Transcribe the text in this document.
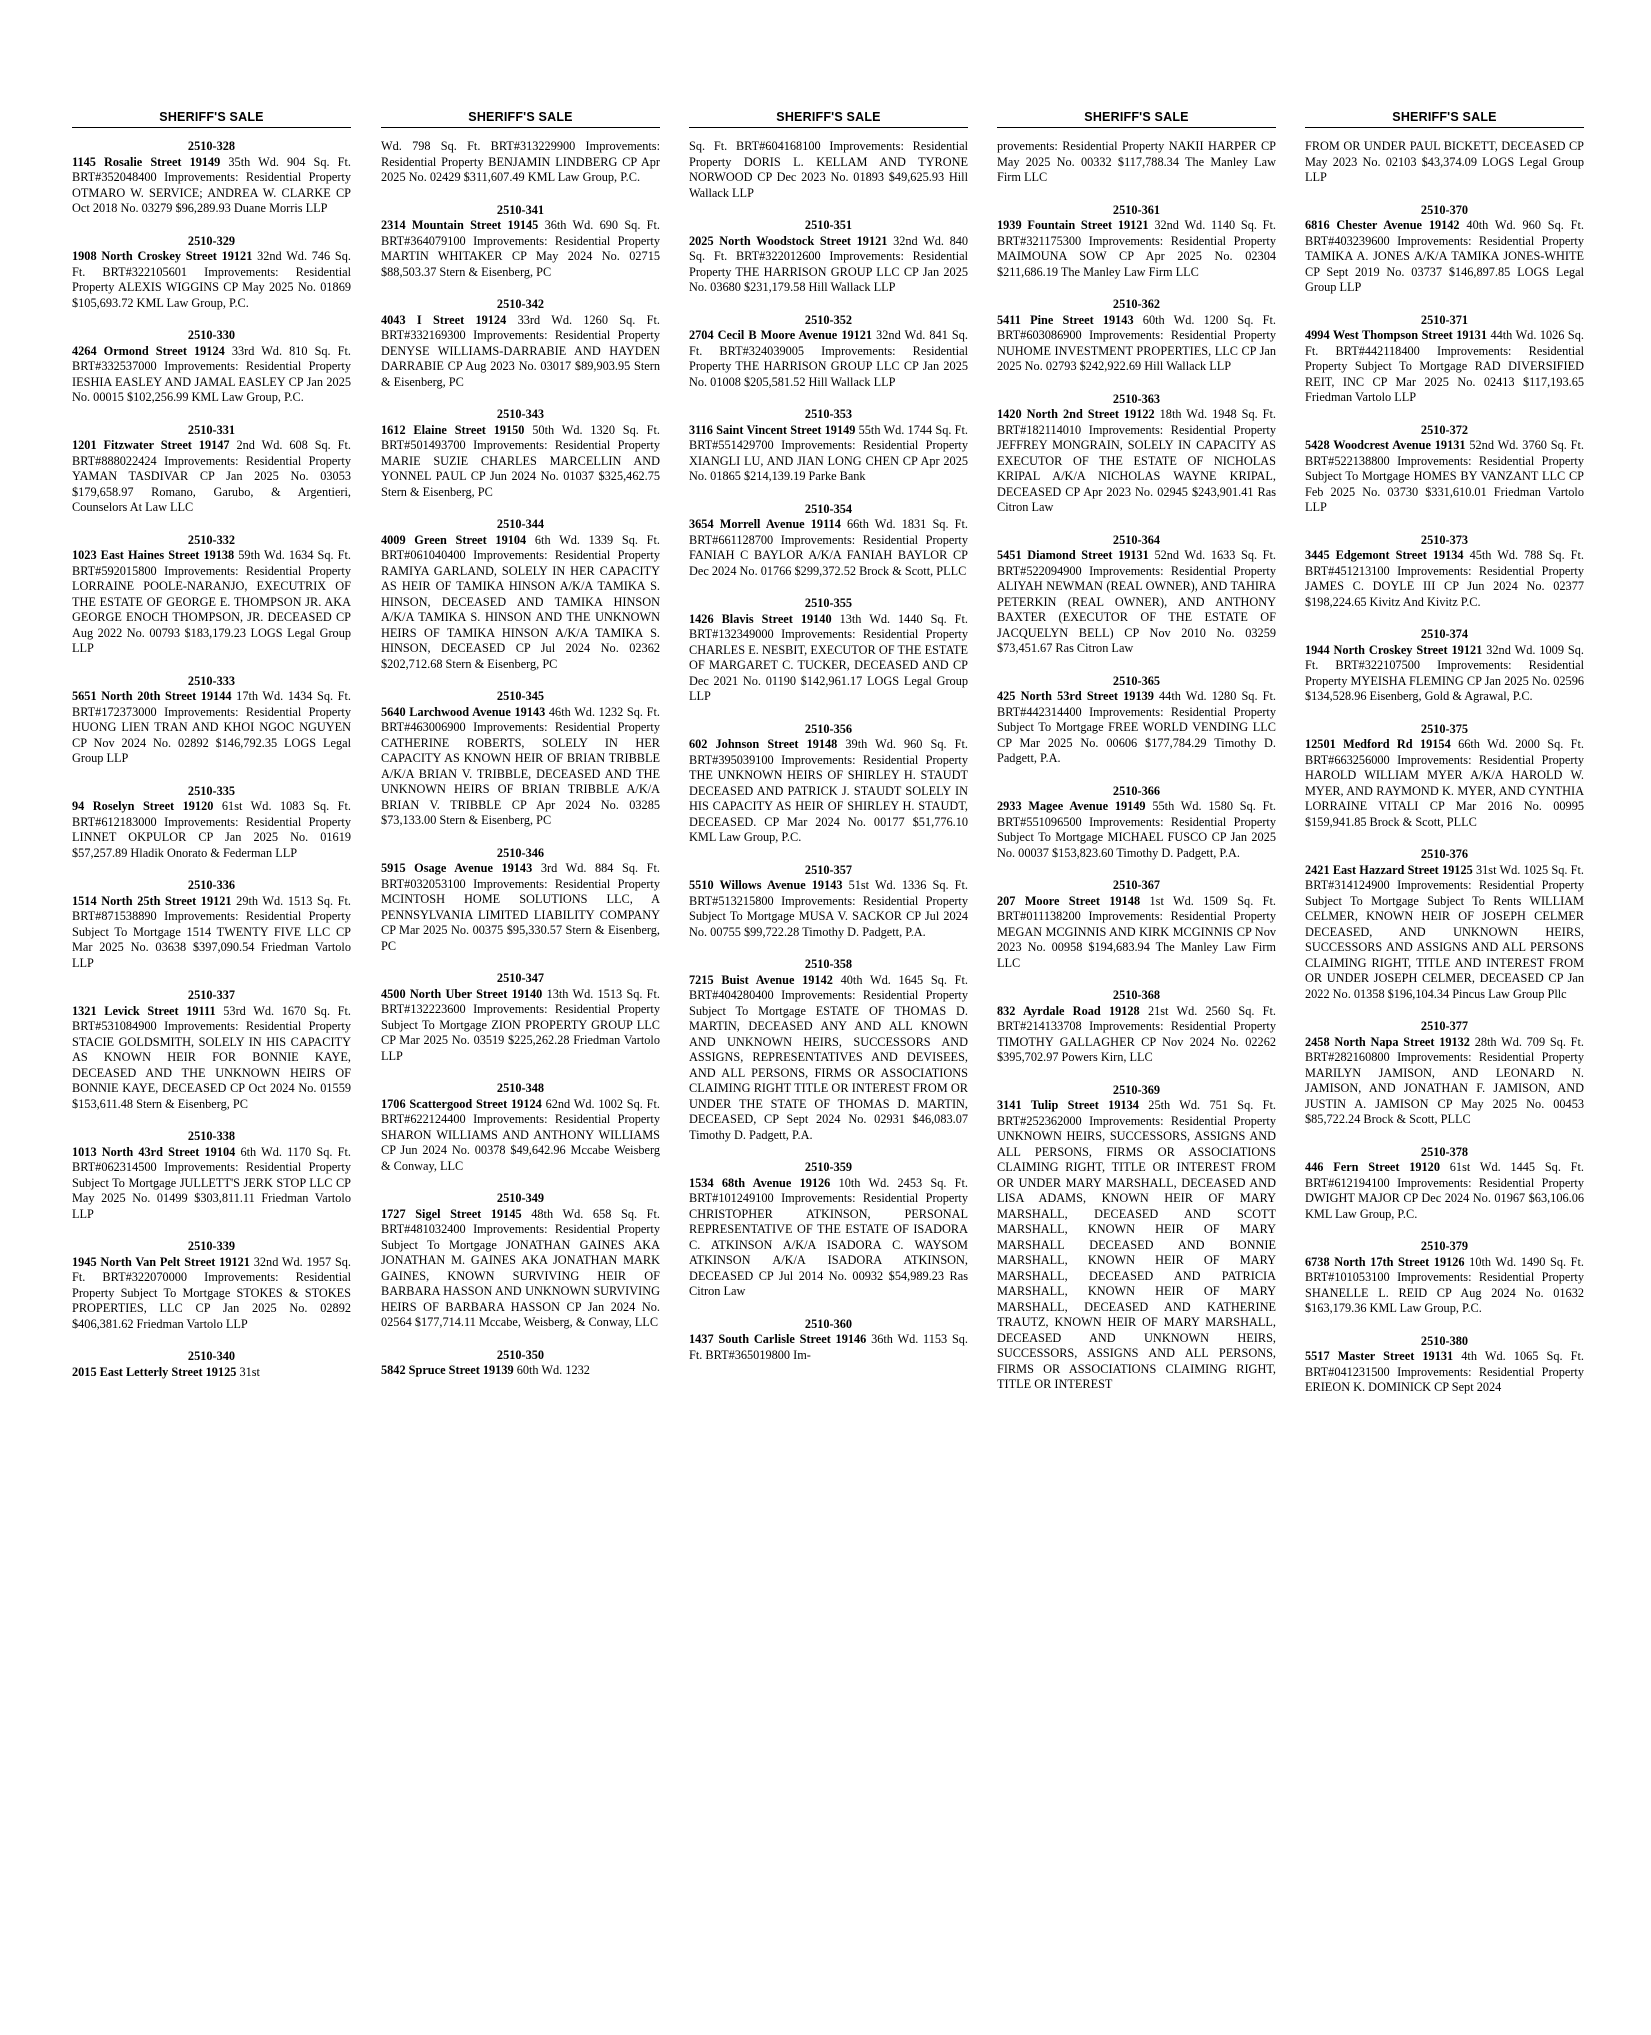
SHERIFF'S SALE
2510-328
1145 Rosalie Street 19149 35th Wd. 904 Sq. Ft. BRT#352048400 Improvements: Residential Property OTMARO W. SERVICE; ANDREA W. CLARKE CP Oct 2018 No. 03279 $96,289.93 Duane Morris LLP
2510-329
1908 North Croskey Street 19121 32nd Wd. 746 Sq. Ft. BRT#322105601 Improvements: Residential Property ALEXIS WIGGINS CP May 2025 No. 01869 $105,693.72 KML Law Group, P.C.
2510-330
4264 Ormond Street 19124 33rd Wd. 810 Sq. Ft. BRT#332537000 Improvements: Residential Property IESHIA EASLEY AND JAMAL EASLEY CP Jan 2025 No. 00015 $102,256.99 KML Law Group, P.C.
2510-331
1201 Fitzwater Street 19147 2nd Wd. 608 Sq. Ft. BRT#888022424 Improvements: Residential Property YAMAN TASDIVAR CP Jan 2025 No. 03053 $179,658.97 Romano, Garubo, & Argentieri, Counselors At Law LLC
2510-332
1023 East Haines Street 19138 59th Wd. 1634 Sq. Ft. BRT#592015800 Improvements: Residential Property LORRAINE POOLE-NARANJO, EXECUTRIX OF THE ESTATE OF GEORGE E. THOMPSON JR. AKA GEORGE ENOCH THOMPSON, JR. DECEASED CP Aug 2022 No. 00793 $183,179.23 LOGS Legal Group LLP
2510-333
5651 North 20th Street 19144 17th Wd. 1434 Sq. Ft. BRT#172373000 Improvements: Residential Property HUONG LIEN TRAN AND KHOI NGOC NGUYEN CP Nov 2024 No. 02892 $146,792.35 LOGS Legal Group LLP
2510-335
94 Roselyn Street 19120 61st Wd. 1083 Sq. Ft. BRT#612183000 Improvements: Residential Property LINNET OKPULOR CP Jan 2025 No. 01619 $57,257.89 Hladik Onorato & Federman LLP
2510-336
1514 North 25th Street 19121 29th Wd. 1513 Sq. Ft. BRT#871538890 Improvements: Residential Property Subject To Mortgage 1514 TWENTY FIVE LLC CP Mar 2025 No. 03638 $397,090.54 Friedman Vartolo LLP
2510-337
1321 Levick Street 19111 53rd Wd. 1670 Sq. Ft. BRT#531084900 Improvements: Residential Property STACIE GOLDSMITH, SOLELY IN HIS CAPACITY AS KNOWN HEIR FOR BONNIE KAYE, DECEASED AND THE UNKNOWN HEIRS OF BONNIE KAYE, DECEASED CP Oct 2024 No. 01559 $153,611.48 Stern & Eisenberg, PC
2510-338
1013 North 43rd Street 19104 6th Wd. 1170 Sq. Ft. BRT#062314500 Improvements: Residential Property Subject To Mortgage JULLETT'S JERK STOP LLC CP May 2025 No. 01499 $303,811.11 Friedman Vartolo LLP
2510-339
1945 North Van Pelt Street 19121 32nd Wd. 1957 Sq. Ft. BRT#322070000 Improvements: Residential Property Subject To Mortgage STOKES & STOKES PROPERTIES, LLC CP Jan 2025 No. 02892 $406,381.62 Friedman Vartolo LLP
2510-340
2015 East Letterly Street 19125 31st
SHERIFF'S SALE
Wd. 798 Sq. Ft. BRT#313229900 Improvements: Residential Property BENJAMIN LINDBERG CP Apr 2025 No. 02429 $311,607.49 KML Law Group, P.C.
2510-341
2314 Mountain Street 19145 36th Wd. 690 Sq. Ft. BRT#364079100 Improvements: Residential Property MARTIN WHITAKER CP May 2024 No. 02715 $88,503.37 Stern & Eisenberg, PC
2510-342
4043 I Street 19124 33rd Wd. 1260 Sq. Ft. BRT#332169300 Improvements: Residential Property DENYSE WILLIAMS-DARRABIE AND HAYDEN DARRABIE CP Aug 2023 No. 03017 $89,903.95 Stern & Eisenberg, PC
2510-343
1612 Elaine Street 19150 50th Wd. 1320 Sq. Ft. BRT#501493700 Improvements: Residential Property MARIE SUZIE CHARLES MARCELLIN AND YONNEL PAUL CP Jun 2024 No. 01037 $325,462.75 Stern & Eisenberg, PC
2510-344
4009 Green Street 19104 6th Wd. 1339 Sq. Ft. BRT#061040400 Improvements: Residential Property RAMIYA GARLAND, SOLELY IN HER CAPACITY AS HEIR OF TAMIKA HINSON A/K/A TAMIKA S. HINSON, DECEASED AND TAMIKA HINSON A/K/A TAMIKA S. HINSON AND THE UNKNOWN HEIRS OF TAMIKA HINSON A/K/A TAMIKA S. HINSON, DECEASED CP Jul 2024 No. 02362 $202,712.68 Stern & Eisenberg, PC
2510-345
5640 Larchwood Avenue 19143 46th Wd. 1232 Sq. Ft. BRT#463006900 Improvements: Residential Property CATHERINE ROBERTS, SOLELY IN HER CAPACITY AS KNOWN HEIR OF BRIAN TRIBBLE A/K/A BRIAN V. TRIBBLE, DECEASED AND THE UNKNOWN HEIRS OF BRIAN TRIBBLE A/K/A BRIAN V. TRIBBLE CP Apr 2024 No. 03285 $73,133.00 Stern & Eisenberg, PC
2510-346
5915 Osage Avenue 19143 3rd Wd. 884 Sq. Ft. BRT#032053100 Improvements: Residential Property MCINTOSH HOME SOLUTIONS LLC, A PENNSYLVANIA LIMITED LIABILITY COMPANY CP Mar 2025 No. 00375 $95,330.57 Stern & Eisenberg, PC
2510-347
4500 North Uber Street 19140 13th Wd. 1513 Sq. Ft. BRT#132223600 Improvements: Residential Property Subject To Mortgage ZION PROPERTY GROUP LLC CP Mar 2025 No. 03519 $225,262.28 Friedman Vartolo LLP
2510-348
1706 Scattergood Street 19124 62nd Wd. 1002 Sq. Ft. BRT#622124400 Improvements: Residential Property SHARON WILLIAMS AND ANTHONY WILLIAMS CP Jun 2024 No. 00378 $49,642.96 Mccabe Weisberg & Conway, LLC
2510-349
1727 Sigel Street 19145 48th Wd. 658 Sq. Ft. BRT#481032400 Improvements: Residential Property Subject To Mortgage JONATHAN GAINES AKA JONATHAN M. GAINES AKA JONATHAN MARK GAINES, KNOWN SURVIVING HEIR OF BARBARA HASSON AND UNKNOWN SURVIVING HEIRS OF BARBARA HASSON CP Jan 2024 No. 02564 $177,714.11 Mccabe, Weisberg, & Conway, LLC
2510-350
5842 Spruce Street 19139 60th Wd. 1232
SHERIFF'S SALE
Sq. Ft. BRT#604168100 Improvements: Residential Property DORIS L. KELLAM AND TYRONE NORWOOD CP Dec 2023 No. 01893 $49,625.93 Hill Wallack LLP
2510-351
2025 North Woodstock Street 19121 32nd Wd. 840 Sq. Ft. BRT#322012600 Improvements: Residential Property THE HARRISON GROUP LLC CP Jan 2025 No. 03680 $231,179.58 Hill Wallack LLP
2510-352
2704 Cecil B Moore Avenue 19121 32nd Wd. 841 Sq. Ft. BRT#324039005 Improvements: Residential Property THE HARRISON GROUP LLC CP Jan 2025 No. 01008 $205,581.52 Hill Wallack LLP
2510-353
3116 Saint Vincent Street 19149 55th Wd. 1744 Sq. Ft. BRT#551429700 Improvements: Residential Property XIANGLI LU, AND JIAN LONG CHEN CP Apr 2025 No. 01865 $214,139.19 Parke Bank
2510-354
3654 Morrell Avenue 19114 66th Wd. 1831 Sq. Ft. BRT#661128700 Improvements: Residential Property FANIAH C BAYLOR A/K/A FANIAH BAYLOR CP Dec 2024 No. 01766 $299,372.52 Brock & Scott, PLLC
2510-355
1426 Blavis Street 19140 13th Wd. 1440 Sq. Ft. BRT#132349000 Improvements: Residential Property CHARLES E. NESBIT, EXECUTOR OF THE ESTATE OF MARGARET C. TUCKER, DECEASED AND CP Dec 2021 No. 01190 $142,961.17 LOGS Legal Group LLP
2510-356
602 Johnson Street 19148 39th Wd. 960 Sq. Ft. BRT#395039100 Improvements: Residential Property THE UNKNOWN HEIRS OF SHIRLEY H. STAUDT DECEASED AND PATRICK J. STAUDT SOLELY IN HIS CAPACITY AS HEIR OF SHIRLEY H. STAUDT, DECEASED. CP Mar 2024 No. 00177 $51,776.10 KML Law Group, P.C.
2510-357
5510 Willows Avenue 19143 51st Wd. 1336 Sq. Ft. BRT#513215800 Improvements: Residential Property Subject To Mortgage MUSA V. SACKOR CP Jul 2024 No. 00755 $99,722.28 Timothy D. Padgett, P.A.
2510-358
7215 Buist Avenue 19142 40th Wd. 1645 Sq. Ft. BRT#404280400 Improvements: Residential Property Subject To Mortgage ESTATE OF THOMAS D. MARTIN, DECEASED ANY AND ALL KNOWN AND UNKNOWN HEIRS, SUCCESSORS AND ASSIGNS, REPRESENTATIVES AND DEVISEES, AND ALL PERSONS, FIRMS OR ASSOCIATIONS CLAIMING RIGHT TITLE OR INTEREST FROM OR UNDER THE STATE OF THOMAS D. MARTIN, DECEASED, CP Sept 2024 No. 02931 $46,083.07 Timothy D. Padgett, P.A.
2510-359
1534 68th Avenue 19126 10th Wd. 2453 Sq. Ft. BRT#101249100 Improvements: Residential Property CHRISTOPHER ATKINSON, PERSONAL REPRESENTATIVE OF THE ESTATE OF ISADORA C. ATKINSON A/K/A ISADORA C. WAYSOM ATKINSON A/K/A ISADORA ATKINSON, DECEASED CP Jul 2014 No. 00932 $54,989.23 Ras Citron Law
2510-360
1437 South Carlisle Street 19146 36th Wd. 1153 Sq. Ft. BRT#365019800 Im-
SHERIFF'S SALE
provements: Residential Property NAKII HARPER CP May 2025 No. 00332 $117,788.34 The Manley Law Firm LLC
2510-361
1939 Fountain Street 19121 32nd Wd. 1140 Sq. Ft. BRT#321175300 Improvements: Residential Property MAIMOUNA SOW CP Apr 2025 No. 02304 $211,686.19 The Manley Law Firm LLC
2510-362
5411 Pine Street 19143 60th Wd. 1200 Sq. Ft. BRT#603086900 Improvements: Residential Property NUHOME INVESTMENT PROPERTIES, LLC CP Jan 2025 No. 02793 $242,922.69 Hill Wallack LLP
2510-363
1420 North 2nd Street 19122 18th Wd. 1948 Sq. Ft. BRT#182114010 Improvements: Residential Property JEFFREY MONGRAIN, SOLELY IN CAPACITY AS EXECUTOR OF THE ESTATE OF NICHOLAS KRIPAL A/K/A NICHOLAS WAYNE KRIPAL, DECEASED CP Apr 2023 No. 02945 $243,901.41 Ras Citron Law
2510-364
5451 Diamond Street 19131 52nd Wd. 1633 Sq. Ft. BRT#522094900 Improvements: Residential Property ALIYAH NEWMAN (REAL OWNER), AND TAHIRA PETERKIN (REAL OWNER), AND ANTHONY BAXTER (EXECUTOR OF THE ESTATE OF JACQUELYN BELL) CP Nov 2010 No. 03259 $73,451.67 Ras Citron Law
2510-365
425 North 53rd Street 19139 44th Wd. 1280 Sq. Ft. BRT#442314400 Improvements: Residential Property Subject To Mortgage FREE WORLD VENDING LLC CP Mar 2025 No. 00606 $177,784.29 Timothy D. Padgett, P.A.
2510-366
2933 Magee Avenue 19149 55th Wd. 1580 Sq. Ft. BRT#551096500 Improvements: Residential Property Subject To Mortgage MICHAEL FUSCO CP Jan 2025 No. 00037 $153,823.60 Timothy D. Padgett, P.A.
2510-367
207 Moore Street 19148 1st Wd. 1509 Sq. Ft. BRT#011138200 Improvements: Residential Property MEGAN MCGINNIS AND KIRK MCGINNIS CP Nov 2023 No. 00958 $194,683.94 The Manley Law Firm LLC
2510-368
832 Ayrdale Road 19128 21st Wd. 2560 Sq. Ft. BRT#214133708 Improvements: Residential Property TIMOTHY GALLAGHER CP Nov 2024 No. 02262 $395,702.97 Powers Kirn, LLC
2510-369
3141 Tulip Street 19134 25th Wd. 751 Sq. Ft. BRT#252362000 Improvements: Residential Property UNKNOWN HEIRS, SUCCESSORS, ASSIGNS AND ALL PERSONS, FIRMS OR ASSOCIATIONS CLAIMING RIGHT, TITLE OR INTEREST FROM OR UNDER MARY MARSHALL, DECEASED AND LISA ADAMS, KNOWN HEIR OF MARY MARSHALL, DECEASED AND SCOTT MARSHALL, KNOWN HEIR OF MARY MARSHALL DECEASED AND BONNIE MARSHALL, KNOWN HEIR OF MARY MARSHALL, DECEASED AND PATRICIA MARSHALL, KNOWN HEIR OF MARY MARSHALL, DECEASED AND KATHERINE TRAUTZ, KNOWN HEIR OF MARY MARSHALL, DECEASED AND UNKNOWN HEIRS, SUCCESSORS, ASSIGNS AND ALL PERSONS, FIRMS OR ASSOCIATIONS CLAIMING RIGHT, TITLE OR INTEREST
SHERIFF'S SALE
FROM OR UNDER PAUL BICKETT, DECEASED CP May 2023 No. 02103 $43,374.09 LOGS Legal Group LLP
2510-370
6816 Chester Avenue 19142 40th Wd. 960 Sq. Ft. BRT#403239600 Improvements: Residential Property TAMIKA A. JONES A/K/A TAMIKA JONES-WHITE CP Sept 2019 No. 03737 $146,897.85 LOGS Legal Group LLP
2510-371
4994 West Thompson Street 19131 44th Wd. 1026 Sq. Ft. BRT#442118400 Improvements: Residential Property Subject To Mortgage RAD DIVERSIFIED REIT, INC CP Mar 2025 No. 02413 $117,193.65 Friedman Vartolo LLP
2510-372
5428 Woodcrest Avenue 19131 52nd Wd. 3760 Sq. Ft. BRT#522138800 Improvements: Residential Property Subject To Mortgage HOMES BY VANZANT LLC CP Feb 2025 No. 03730 $331,610.01 Friedman Vartolo LLP
2510-373
3445 Edgemont Street 19134 45th Wd. 788 Sq. Ft. BRT#451213100 Improvements: Residential Property JAMES C. DOYLE III CP Jun 2024 No. 02377 $198,224.65 Kivitz And Kivitz P.C.
2510-374
1944 North Croskey Street 19121 32nd Wd. 1009 Sq. Ft. BRT#322107500 Improvements: Residential Property MYEISHA FLEMING CP Jan 2025 No. 02596 $134,528.96 Eisenberg, Gold & Agrawal, P.C.
2510-375
12501 Medford Rd 19154 66th Wd. 2000 Sq. Ft. BRT#663256000 Improvements: Residential Property HAROLD WILLIAM MYER A/K/A HAROLD W. MYER, AND RAYMOND K. MYER, AND CYNTHIA LORRAINE VITALI CP Mar 2016 No. 00995 $159,941.85 Brock & Scott, PLLC
2510-376
2421 East Hazzard Street 19125 31st Wd. 1025 Sq. Ft. BRT#314124900 Improvements: Residential Property Subject To Mortgage Subject To Rents WILLIAM CELMER, KNOWN HEIR OF JOSEPH CELMER DECEASED, AND UNKNOWN HEIRS, SUCCESSORS AND ASSIGNS AND ALL PERSONS CLAIMING RIGHT, TITLE AND INTEREST FROM OR UNDER JOSEPH CELMER, DECEASED CP Jan 2022 No. 01358 $196,104.34 Pincus Law Group Pllc
2510-377
2458 North Napa Street 19132 28th Wd. 709 Sq. Ft. BRT#282160800 Improvements: Residential Property MARILYN JAMISON, AND LEONARD N. JAMISON, AND JONATHAN F. JAMISON, AND JUSTIN A. JAMISON CP May 2025 No. 00453 $85,722.24 Brock & Scott, PLLC
2510-378
446 Fern Street 19120 61st Wd. 1445 Sq. Ft. BRT#612194100 Improvements: Residential Property DWIGHT MAJOR CP Dec 2024 No. 01967 $63,106.06 KML Law Group, P.C.
2510-379
6738 North 17th Street 19126 10th Wd. 1490 Sq. Ft. BRT#101053100 Improvements: Residential Property SHANELLE L. REID CP Aug 2024 No. 01632 $163,179.36 KML Law Group, P.C.
2510-380
5517 Master Street 19131 4th Wd. 1065 Sq. Ft. BRT#041231500 Improvements: Residential Property ERIEON K. DOMINICK CP Sept 2024
